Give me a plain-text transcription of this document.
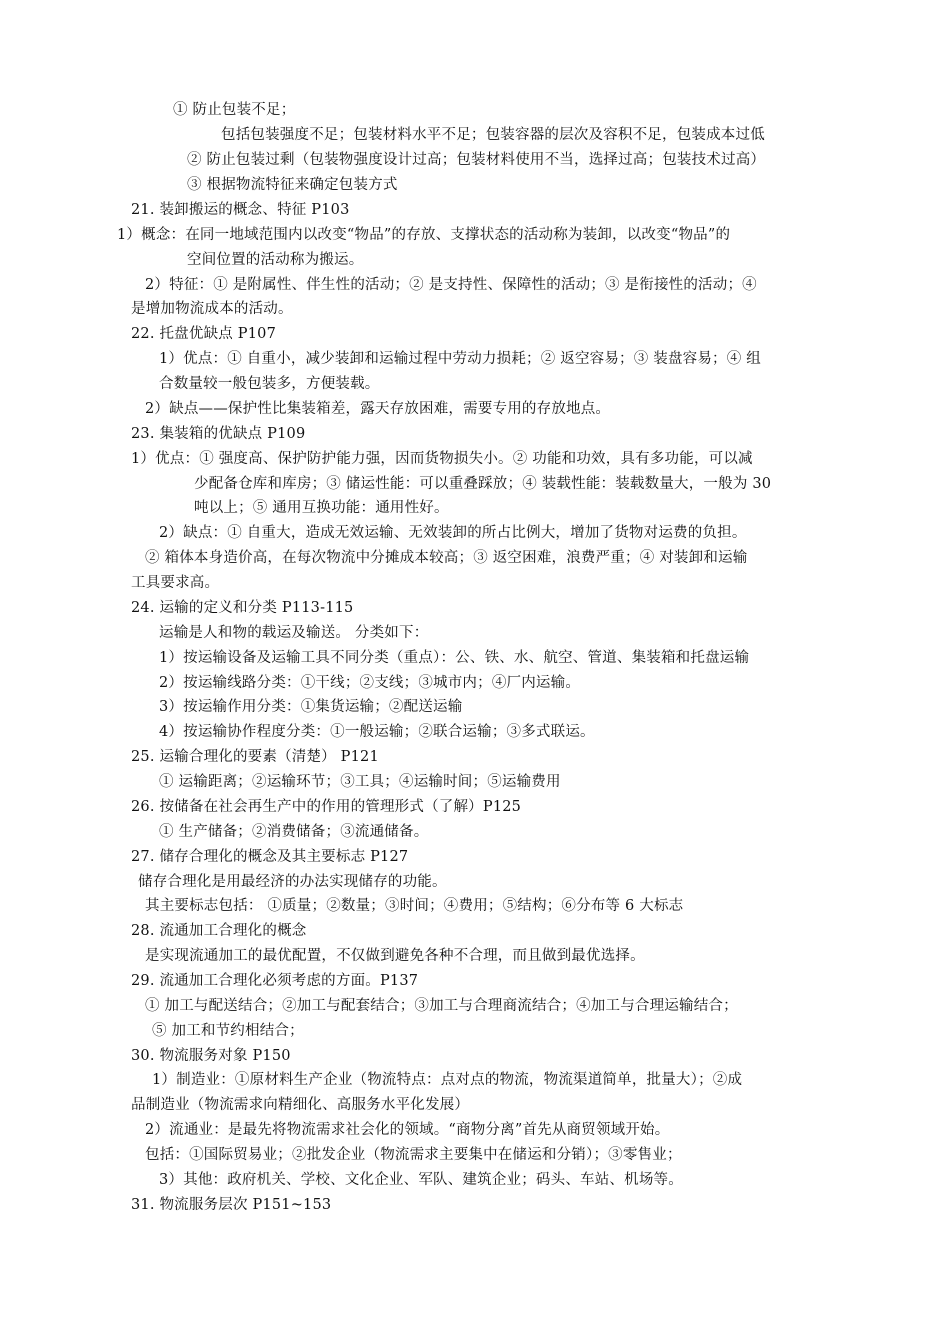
① 防止包装不足；
包括包装强度不足；包装材料水平不足；包装容器的层次及容积不足，包装成本过低
② 防止包装过剩（包装物强度设计过高；包装材料使用不当，选择过高；包装技术过高）
③ 根据物流特征来确定包装方式
21. 装卸搬运的概念、特征 P103
1）概念：在同一地域范围内以改变“物品”的存放、支撑状态的活动称为装卸，以改变“物品”的
空间位置的活动称为搬运。
2）特征：① 是附属性、伴生性的活动；② 是支持性、保障性的活动；③ 是衔接性的活动；④
是增加物流成本的活动。
22. 托盘优缺点 P107
1）优点：① 自重小，减少装卸和运输过程中劳动力损耗；② 返空容易；③ 装盘容易；④ 组
合数量较一般包装多，方便装载。
2）缺点——保护性比集装箱差，露天存放困难，需要专用的存放地点。
23. 集装箱的优缺点 P109
1）优点：① 强度高、保护防护能力强，因而货物损失小。② 功能和功效，具有多功能，可以减
少配备仓库和库房；③ 储运性能：可以重叠踩放；④ 装载性能：装载数量大，一般为 30
吨以上；⑤ 通用互换功能：通用性好。
2）缺点：① 自重大，造成无效运输、无效装卸的所占比例大，增加了货物对运费的负担。
② 箱体本身造价高，在每次物流中分摊成本较高；③ 返空困难，浪费严重；④ 对装卸和运输
工具要求高。
24. 运输的定义和分类 P113-115
运输是人和物的载运及输送。 分类如下：
1）按运输设备及运输工具不同分类（重点）：公、铁、水、航空、管道、集装箱和托盘运输
2）按运输线路分类：①干线；②支线；③城市内；④厂内运输。
3）按运输作用分类：①集货运输；②配送运输
4）按运输协作程度分类：①一般运输；②联合运输；③多式联运。
25. 运输合理化的要素（清楚） P121
① 运输距离；②运输环节；③工具；④运输时间；⑤运输费用
26. 按储备在社会再生产中的作用的管理形式（了解）P125
① 生产储备；②消费储备；③流通储备。
27. 储存合理化的概念及其主要标志 P127
储存合理化是用最经济的办法实现储存的功能。
其主要标志包括： ①质量；②数量；③时间；④费用；⑤结构；⑥分布等 6 大标志
28. 流通加工合理化的概念
是实现流通加工的最优配置，不仅做到避免各种不合理，而且做到最优选择。
29. 流通加工合理化必须考虑的方面。P137
① 加工与配送结合；②加工与配套结合；③加工与合理商流结合；④加工与合理运输结合；
⑤ 加工和节约相结合；
30. 物流服务对象 P150
1）制造业：①原材料生产企业（物流特点：点对点的物流，物流渠道简单，批量大）；②成
品制造业（物流需求向精细化、高服务水平化发展）
2）流通业：是最先将物流需求社会化的领域。“商物分离”首先从商贸领域开始。
包括：①国际贸易业；②批发企业（物流需求主要集中在储运和分销）；③零售业；
3）其他：政府机关、学校、文化企业、军队、建筑企业；码头、车站、机场等。
31. 物流服务层次 P151~153
